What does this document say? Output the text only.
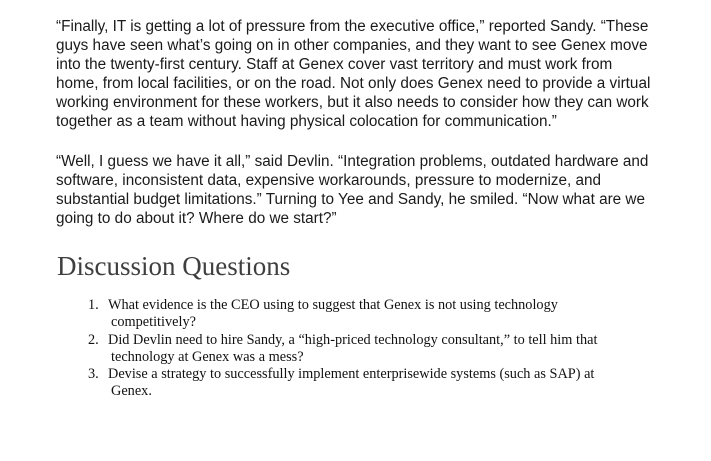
“Finally, IT is getting a lot of pressure from the executive office,” reported Sandy. “These
guys have seen what’s going on in other companies, and they want to see Genex move
into the twenty-first century. Staff at Genex cover vast territory and must work from
home, from local facilities, or on the road. Not only does Genex need to provide a virtual
working environment for these workers, but it also needs to consider how they can work
together as a team without having physical colocation for communication.”
“Well, I guess we have it all,” said Devlin. “Integration problems, outdated hardware and
software, inconsistent data, expensive workarounds, pressure to modernize, and
substantial budget limitations.” Turning to Yee and Sandy, he smiled. “Now what are we
going to do about it? Where do we start?”
Discussion Questions
1. What evidence is the CEO using to suggest that Genex is not using technology
competitively?
2. Did Devlin need to hire Sandy, a “high-priced technology consultant,” to tell him that
technology at Genex was a mess?
3. Devise a strategy to successfully implement enterprisewide systems (such as SAP) at
Genex.
